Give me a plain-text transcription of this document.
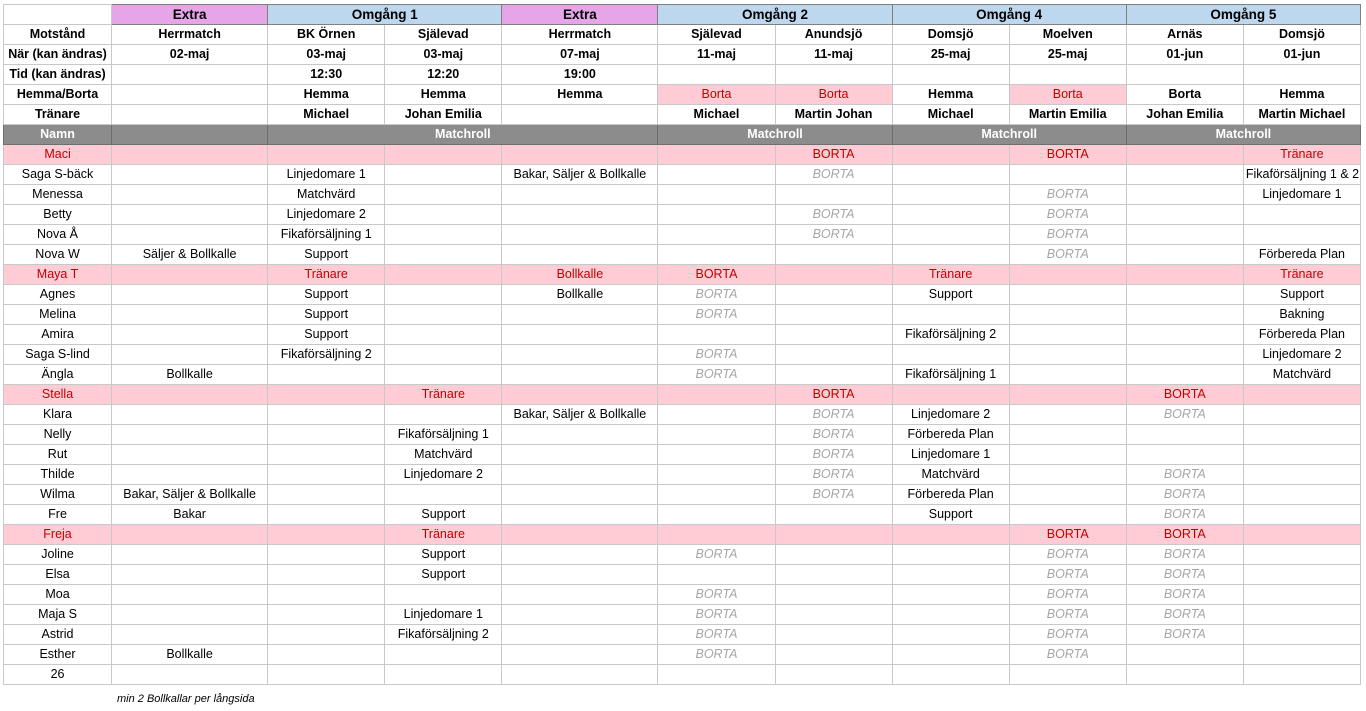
	Extra	Omgång 1		Extra	Omgång 2		Omgång 4		Omgång 5	
Motstånd	Herrmatch	BK Örnen	Själevad	Herrmatch	Själevad	Anundsjö	Domsjö	Moelven	Arnäs	Domsjö
När (kan ändras)	02-maj	03-maj	03-maj	07-maj	11-maj	11-maj	25-maj	25-maj	01-jun	01-jun
Tid (kan ändras)		12:30	12:20	19:00						
Hemma/Borta		Hemma	Hemma	Hemma	Borta	Borta	Hemma	Borta	Borta	Hemma
Tränare		Michael	Johan Emilia		Michael	Martin Johan	Michael	Martin Emilia	Johan Emilia	Martin Michael
Namn		Matchroll			Matchroll		Matchroll		Matchroll	
Maci						BORTA		BORTA		Tränare
Saga S-bäck		Linjedomare 1		Bakar, Säljer & Bollkalle		BORTA				Fikaförsäljning 1 & 2
Menessa		Matchvärd						BORTA		Linjedomare 1
Betty		Linjedomare 2				BORTA		BORTA		
Nova Å		Fikaförsäljning 1				BORTA		BORTA		
Nova W	Säljer & Bollkalle	Support						BORTA		Förbereda Plan
Maya T		Tränare		Bollkalle	BORTA		Tränare			Tränare
Agnes		Support		Bollkalle	BORTA		Support			Support
Melina		Support			BORTA					Bakning
Amira		Support					Fikaförsäljning 2			Förbereda Plan
Saga S-lind		Fikaförsäljning 2			BORTA					Linjedomare 2
Ängla	Bollkalle				BORTA		Fikaförsäljning 1			Matchvärd
Stella			Tränare			BORTA			BORTA	
Klara				Bakar, Säljer & Bollkalle		BORTA	Linjedomare 2		BORTA	
Nelly			Fikaförsäljning 1			BORTA	Förbereda Plan			
Rut			Matchvärd			BORTA	Linjedomare 1			
Thilde			Linjedomare 2			BORTA	Matchvärd		BORTA	
Wilma	Bakar, Säljer & Bollkalle					BORTA	Förbereda Plan		BORTA	
Fre	Bakar		Support				Support		BORTA	
Freja			Tränare					BORTA	BORTA	
Joline			Support		BORTA			BORTA	BORTA	
Elsa			Support					BORTA	BORTA	
Moa					BORTA			BORTA	BORTA	
Maja S			Linjedomare 1		BORTA			BORTA	BORTA	
Astrid			Fikaförsäljning 2		BORTA			BORTA	BORTA	
Esther	Bollkalle				BORTA			BORTA		
26										
min 2 Bollkallar per långsida
